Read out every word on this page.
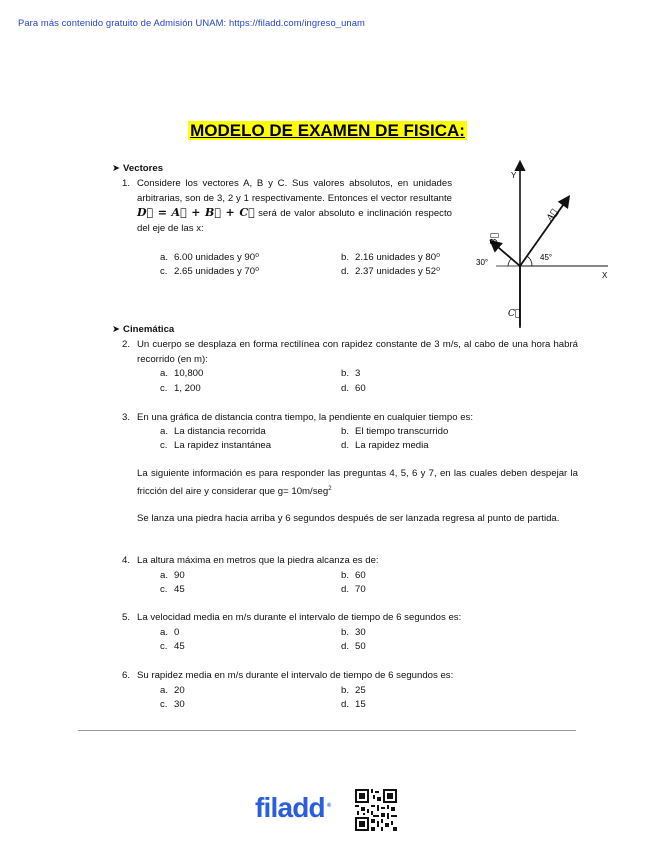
Para más contenido gratuito de Admisión UNAM: https://filadd.com/ingreso_unam
MODELO DE EXAMEN DE FISICA:
➤ Vectores
1. Considere los vectores A, B y C. Sus valores absolutos, en unidades arbitrarias, son de 3, 2 y 1 respectivamente. Entonces el vector resultante D⃗ = A⃗ + B⃗ + C⃗ será de valor absoluto e inclinación respecto del eje de las x:
a. 6.00 unidades y 90⁰	b. 2.16 unidades y 80⁰
c. 2.65 unidades y 70⁰	d. 2.37 unidades y 52⁰
Y
X
A⃗
B⃗
C⃗
30°
45°
➤ Cinemática
2. Un cuerpo se desplaza en forma rectilínea con rapidez constante de 3 m/s, al cabo de una hora habrá recorrido (en m):
a. 10,800	b. 3
c. 1, 200	d. 60
3. En una gráfica de distancia contra tiempo, la pendiente en cualquier tiempo es:
a. La distancia recorrida	b. El tiempo transcurrido
c. La rapidez instantánea	d. La rapidez media
La siguiente información es para responder las preguntas 4, 5, 6 y 7, en las cuales deben despejar la fricción del aire y considerar que g= 10m/seg$^2$
Se lanza una piedra hacia arriba y 6 segundos después de ser lanzada regresa al punto de partida.
4. La altura máxima en metros que la piedra alcanza es de:
a. 90	b. 60
c. 45	d. 70
5. La velocidad media en m/s durante el intervalo de tiempo de 6 segundos es:
a. 0	b. 30
c. 45	d. 50
6. Su rapidez media en m/s durante el intervalo de tiempo de 6 segundos es:
a. 20	b. 25
c. 30	d. 15
filadd ®
